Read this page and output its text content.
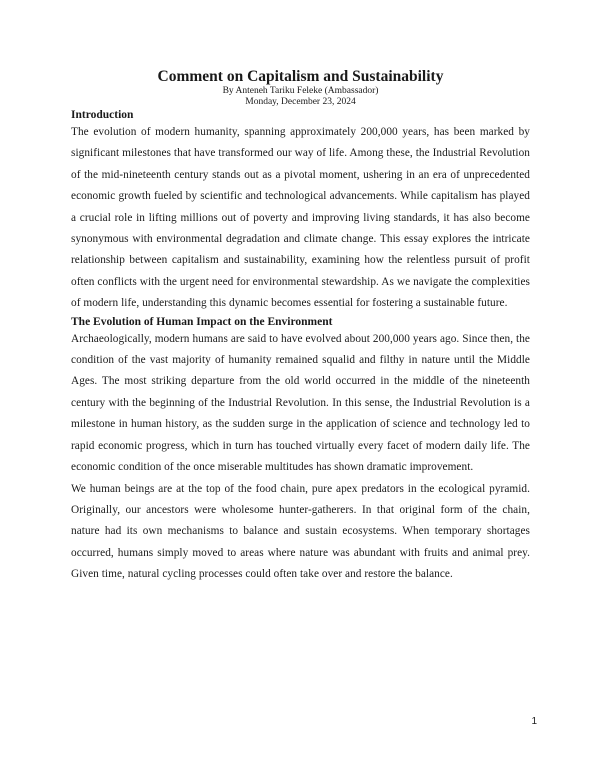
Comment on Capitalism and Sustainability

By Anteneh Tariku Feleke (Ambassador)

Monday, December 23, 2024

Introduction

The evolution of modern humanity, spanning approximately 200,000 years, has been marked by significant milestones that have transformed our way of life. Among these, the Industrial Revolution of the mid-nineteenth century stands out as a pivotal moment, ushering in an era of unprecedented economic growth fueled by scientific and technological advancements. While capitalism has played a crucial role in lifting millions out of poverty and improving living standards, it has also become synonymous with environmental degradation and climate change. This essay explores the intricate relationship between capitalism and sustainability, examining how the relentless pursuit of profit often conflicts with the urgent need for environmental stewardship. As we navigate the complexities of modern life, understanding this dynamic becomes essential for fostering a sustainable future.

The Evolution of Human Impact on the Environment

Archaeologically, modern humans are said to have evolved about 200,000 years ago. Since then, the condition of the vast majority of humanity remained squalid and filthy in nature until the Middle Ages. The most striking departure from the old world occurred in the middle of the nineteenth century with the beginning of the Industrial Revolution. In this sense, the Industrial Revolution is a milestone in human history, as the sudden surge in the application of science and technology led to rapid economic progress, which in turn has touched virtually every facet of modern daily life. The economic condition of the once miserable multitudes has shown dramatic improvement.

We human beings are at the top of the food chain, pure apex predators in the ecological pyramid. Originally, our ancestors were wholesome hunter-gatherers. In that original form of the chain, nature had its own mechanisms to balance and sustain ecosystems. When temporary shortages occurred, humans simply moved to areas where nature was abundant with fruits and animal prey. Given time, natural cycling processes could often take over and restore the balance.

1
